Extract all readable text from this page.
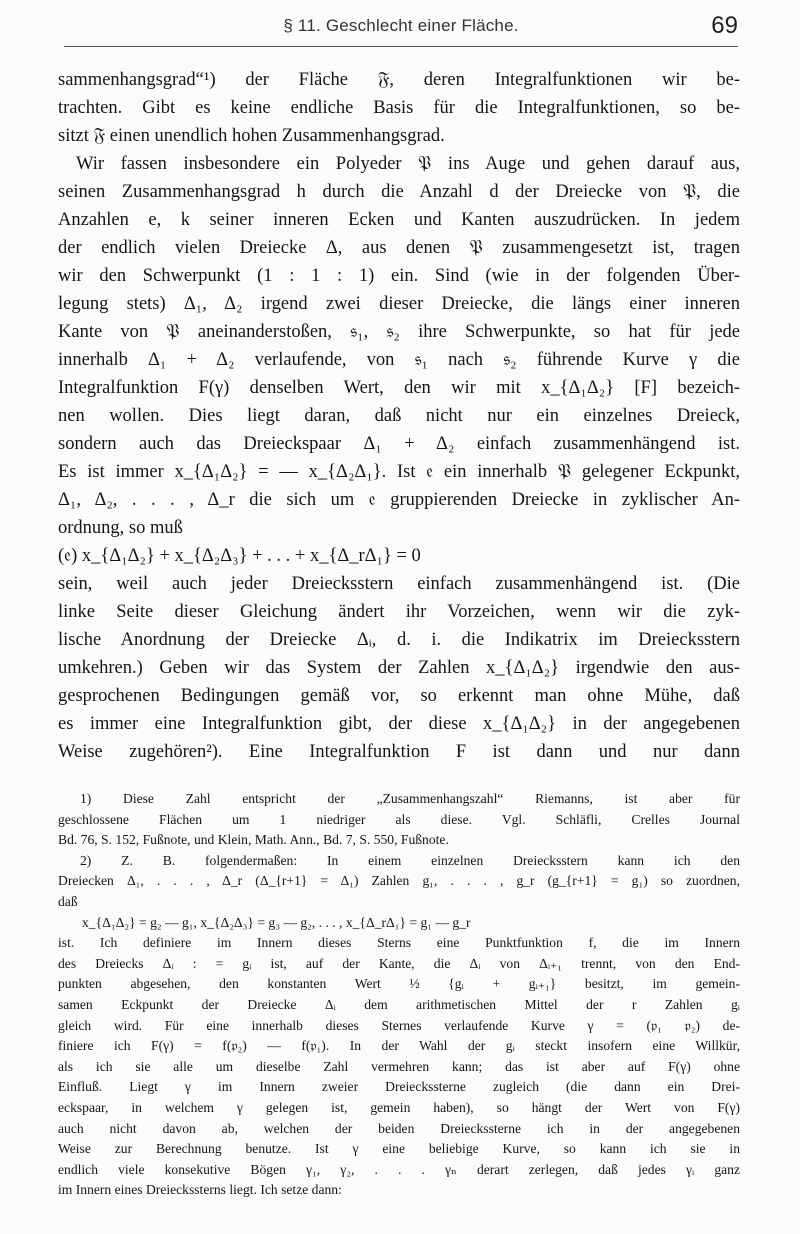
§ 11. Geschlecht einer Fläche.	69
sammenhangsgrad“¹) der Fläche 𝔉, deren Integralfunktionen wir be-
trachten. Gibt es keine endliche Basis für die Integralfunktionen, so be-
sitzt 𝔉 einen unendlich hohen Zusammenhangsgrad.
Wir fassen insbesondere ein Polyeder 𝔓 ins Auge und gehen darauf aus,
seinen Zusammenhangsgrad h durch die Anzahl d der Dreiecke von 𝔓, die
Anzahlen e, k seiner inneren Ecken und Kanten auszudrücken. In jedem
der endlich vielen Dreiecke Δ, aus denen 𝔓 zusammengesetzt ist, tragen
wir den Schwerpunkt (1 : 1 : 1) ein. Sind (wie in der folgenden Über-
legung stets) Δ₁, Δ₂ irgend zwei dieser Dreiecke, die längs einer inneren
Kante von 𝔓 aneinanderstoßen, 𝔰₁, 𝔰₂ ihre Schwerpunkte, so hat für jede
innerhalb Δ₁ + Δ₂ verlaufende, von 𝔰₁ nach 𝔰₂ führende Kurve γ die
Integralfunktion F(γ) denselben Wert, den wir mit x_{Δ₁Δ₂} [F] bezeich-
nen wollen. Dies liegt daran, daß nicht nur ein einzelnes Dreieck,
sondern auch das Dreieckspaar Δ₁ + Δ₂ einfach zusammenhängend ist.
Es ist immer x_{Δ₁Δ₂} = — x_{Δ₂Δ₁}. Ist 𝔢 ein innerhalb 𝔓 gelegener Eckpunkt,
Δ₁, Δ₂, . . . , Δ_r die sich um 𝔢 gruppierenden Dreiecke in zyklischer An-
ordnung, so muß
(𝔢) x_{Δ₁Δ₂} + x_{Δ₂Δ₃} + . . . + x_{Δ_rΔ₁} = 0
sein, weil auch jeder Dreiecksstern einfach zusammenhängend ist. (Die
linke Seite dieser Gleichung ändert ihr Vorzeichen, wenn wir die zyk-
lische Anordnung der Dreiecke Δᵢ, d. i. die Indikatrix im Dreiecksstern
umkehren.) Geben wir das System der Zahlen x_{Δ₁Δ₂} irgendwie den aus-
gesprochenen Bedingungen gemäß vor, so erkennt man ohne Mühe, daß
es immer eine Integralfunktion gibt, der diese x_{Δ₁Δ₂} in der angegebenen
Weise zugehören²). Eine Integralfunktion F ist dann und nur dann
1) Diese Zahl entspricht der „Zusammenhangszahl“ Riemanns, ist aber für
geschlossene Flächen um 1 niedriger als diese. Vgl. Schläfli, Crelles Journal
Bd. 76, S. 152, Fußnote, und Klein, Math. Ann., Bd. 7, S. 550, Fußnote.
2) Z. B. folgendermaßen: In einem einzelnen Dreiecksstern kann ich den
Dreiecken Δ₁, . . . , Δ_r (Δ_{r+1} = Δ₁) Zahlen g₁, . . . , g_r (g_{r+1} = g₁) so zuordnen,
daß
x_{Δ₁Δ₂} = g₂ — g₁, x_{Δ₂Δ₃} = g₃ — g₂, . . . , x_{Δ_rΔ₁} = g₁ — g_r
ist. Ich definiere im Innern dieses Sterns eine Punktfunktion f, die im Innern
des Dreiecks Δᵢ : = gᵢ ist, auf der Kante, die Δᵢ von Δᵢ₊₁ trennt, von den End-
punkten abgesehen, den konstanten Wert ½ {gᵢ + gᵢ₊₁} besitzt, im gemein-
samen Eckpunkt der Dreiecke Δᵢ dem arithmetischen Mittel der r Zahlen gᵢ
gleich wird. Für eine innerhalb dieses Sternes verlaufende Kurve γ = (𝔭₁ 𝔭₂) de-
finiere ich F(γ) = f(𝔭₂) — f(𝔭₁). In der Wahl der gᵢ steckt insofern eine Willkür,
als ich sie alle um dieselbe Zahl vermehren kann; das ist aber auf F(γ) ohne
Einfluß. Liegt γ im Innern zweier Dreieckssterne zugleich (die dann ein Drei-
eckspaar, in welchem γ gelegen ist, gemein haben), so hängt der Wert von F(γ)
auch nicht davon ab, welchen der beiden Dreieckssterne ich in der angegebenen
Weise zur Berechnung benutze. Ist γ eine beliebige Kurve, so kann ich sie in
endlich viele konsekutive Bögen γ₁, γ₂, . . . γₙ derart zerlegen, daß jedes γᵢ ganz
im Innern eines Dreieckssterns liegt. Ich setze dann:
